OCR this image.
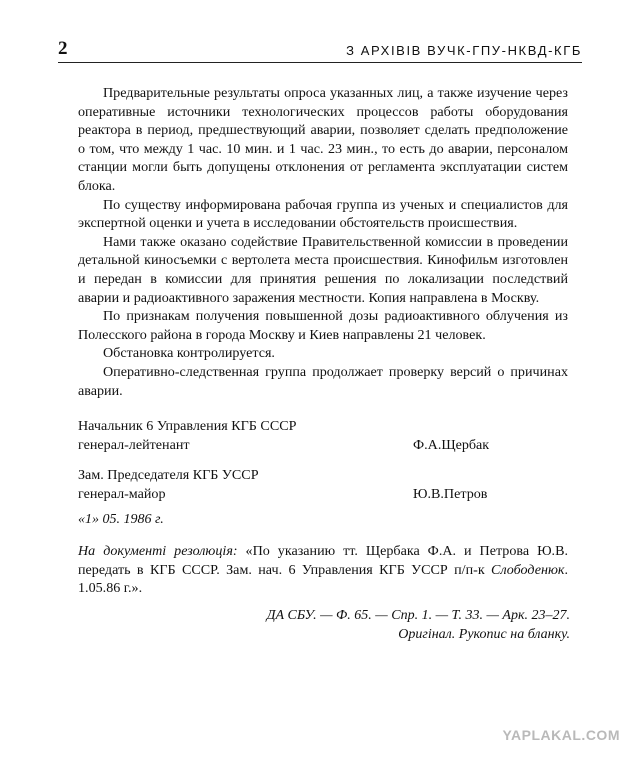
2	З АРХІВІВ ВУЧК-ГПУ-НКВД-КГБ

Предварительные результаты опроса указанных лиц, а также изучение через оперативные источники технологических процессов работы оборудования реактора в период, предшествующий аварии, позволяет сделать предположение о том, что между 1 час. 10 мин. и 1 час. 23 мин., то есть до аварии, персоналом станции могли быть допущены отклонения от регламента эксплуатации систем блока.

По существу информирована рабочая группа из ученых и специалистов для экспертной оценки и учета в исследовании обстоятельств происшествия.

Нами также оказано содействие Правительственной комиссии в проведении детальной киносъемки с вертолета места происшествия. Кинофильм изготовлен и передан в комиссии для принятия решения по локализации последствий аварии и радиоактивного заражения местности. Копия направлена в Москву.

По признакам получения повышенной дозы радиоактивного облучения из Полесского района в города Москву и Киев направлены 21 человек.

Обстановка контролируется.

Оперативно-следственная группа продолжает проверку версий о причинах аварии.

Начальник 6 Управления КГБ СССР
генерал-лейтенант	Ф.А.Щербак
Зам. Председателя КГБ УССР
генерал-майор	Ю.В.Петров
«1» 05. 1986 г.
На документі резолюція: «По указанию тт. Щербака Ф.А. и Петрова Ю.В. передать в КГБ СССР. Зам. нач. 6 Управления КГБ УССР п/п-к Слободенюк. 1.05.86 г.».
ДА СБУ. — Ф. 65. — Спр. 1. — Т. 33. — Арк. 23–27.
Оригінал. Рукопис на бланку.
YAPLAKAL.COM
